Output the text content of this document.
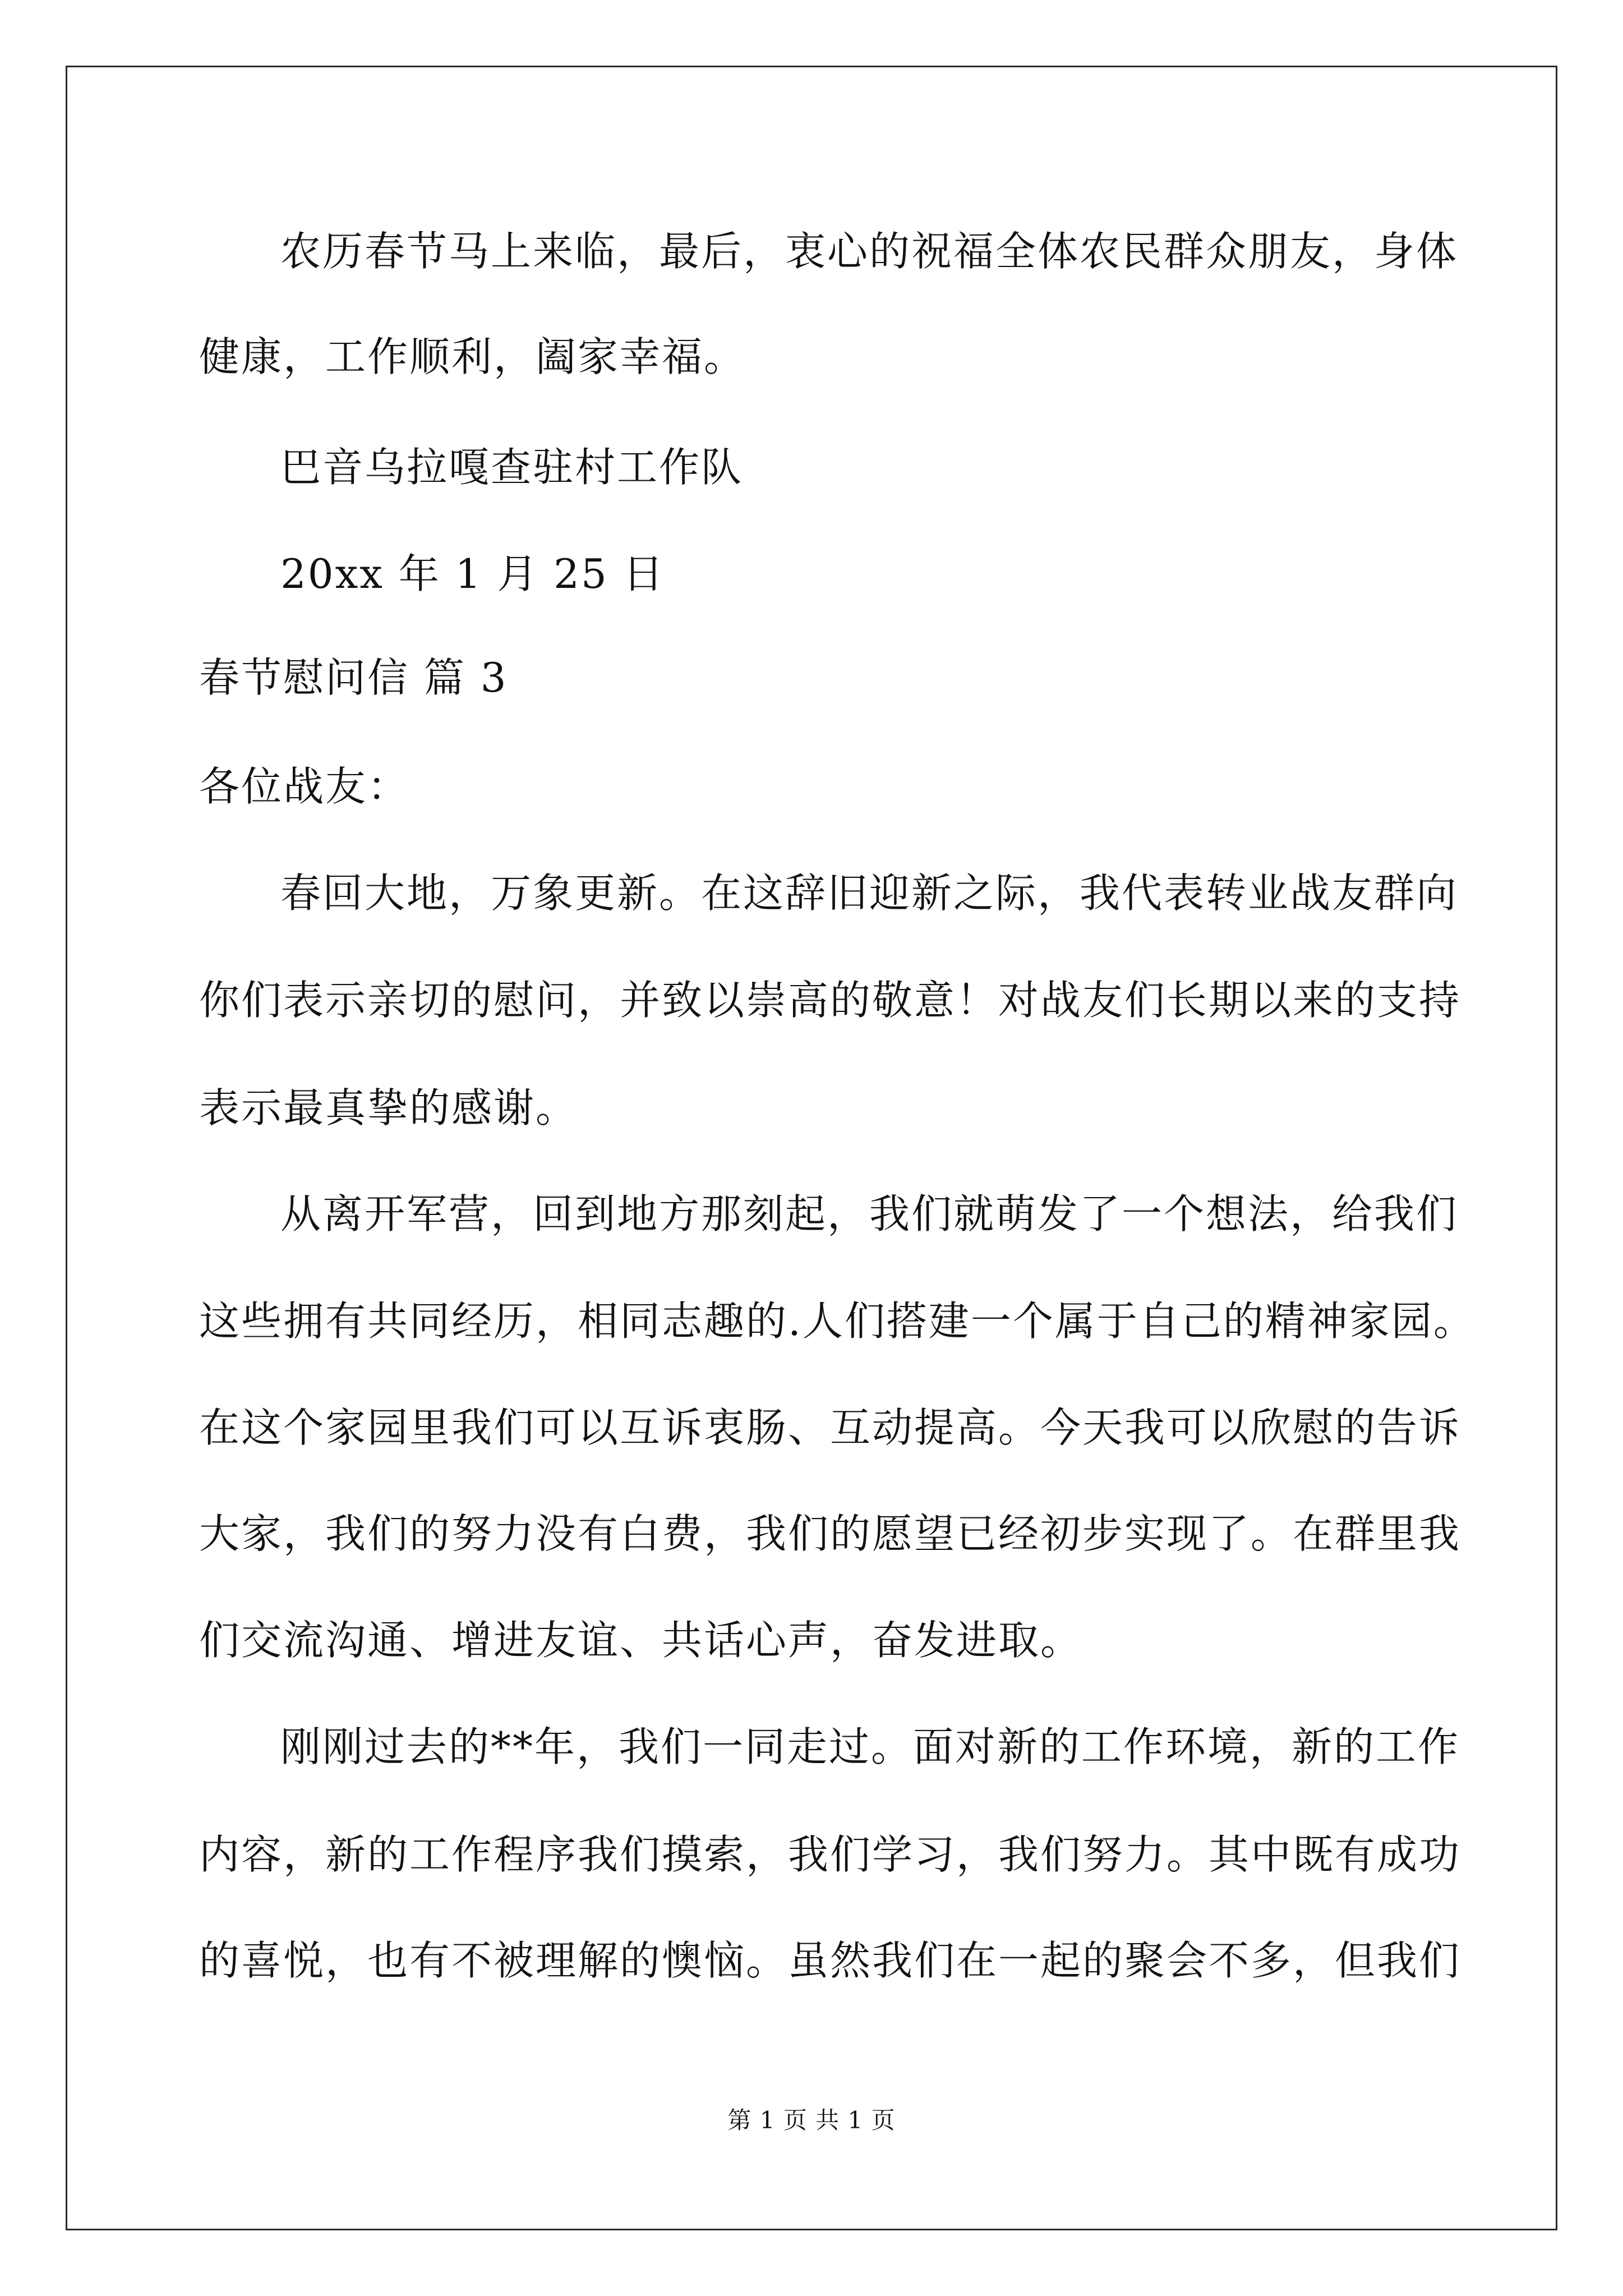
农历春节马上来临，最后，衷心的祝福全体农民群众朋友，身体
健康，工作顺利，阖家幸福。
巴音乌拉嘎查驻村工作队
20xx 年 1 月 25 日
春节慰问信 篇 3
各位战友：
春回大地，万象更新。在这辞旧迎新之际，我代表转业战友群向
你们表示亲切的慰问，并致以崇高的敬意！对战友们长期以来的支持
表示最真挚的感谢。
从离开军营，回到地方那刻起，我们就萌发了一个想法，给我们
这些拥有共同经历，相同志趣的.人们搭建一个属于自己的精神家园。
在这个家园里我们可以互诉衷肠、互动提高。今天我可以欣慰的告诉
大家，我们的努力没有白费，我们的愿望已经初步实现了。在群里我
们交流沟通、增进友谊、共话心声，奋发进取。
刚刚过去的**年，我们一同走过。面对新的工作环境，新的工作
内容，新的工作程序我们摸索，我们学习，我们努力。其中既有成功
的喜悦，也有不被理解的懊恼。虽然我们在一起的聚会不多，但我们
第 1 页 共 1 页
